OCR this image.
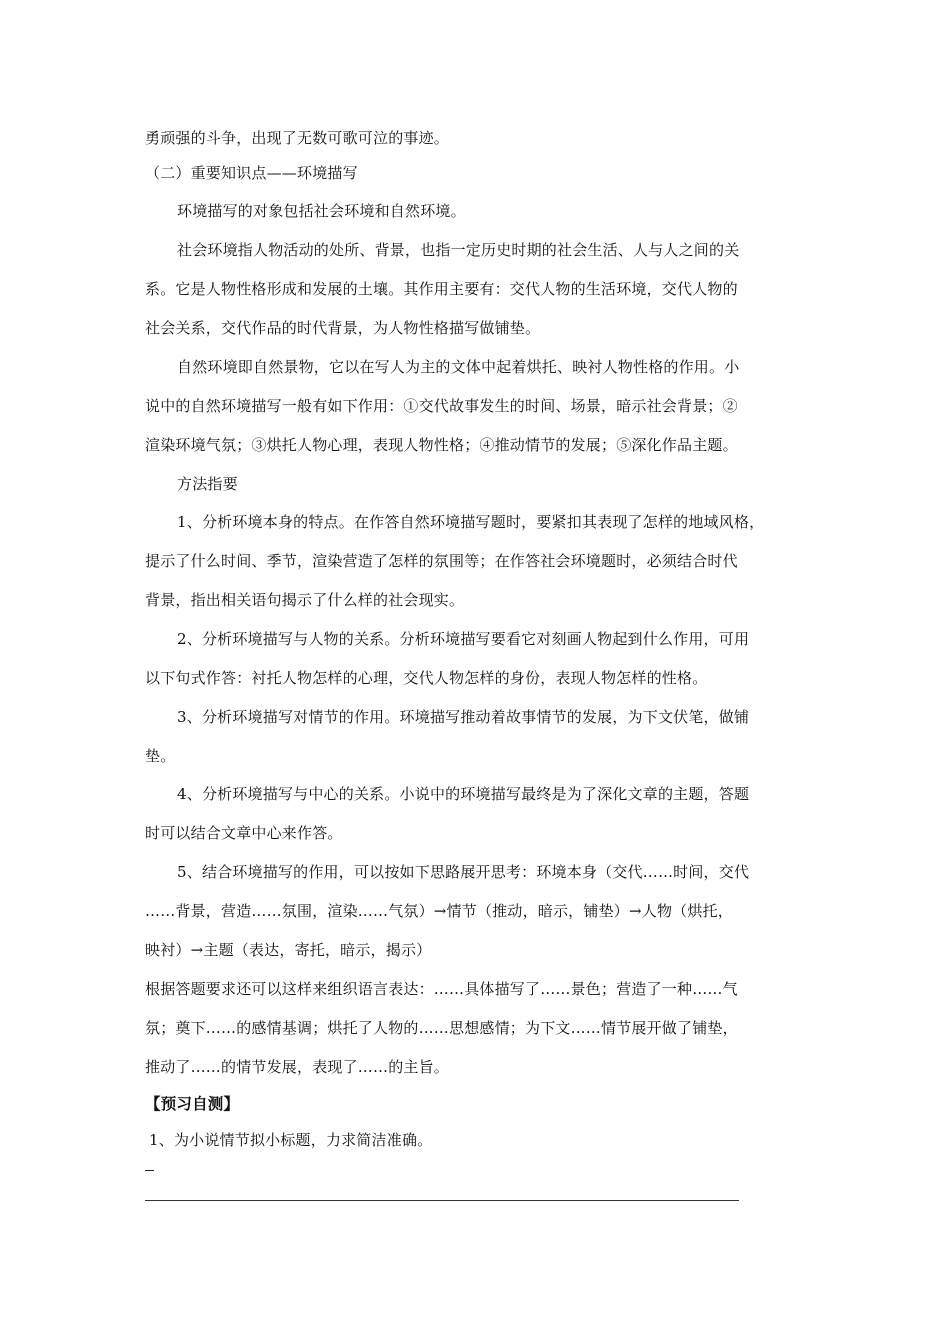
勇顽强的斗争，出现了无数可歌可泣的事迹。
（二）重要知识点——环境描写
环境描写的对象包括社会环境和自然环境。
社会环境指人物活动的处所、背景，也指一定历史时期的社会生活、人与人之间的关
系。它是人物性格形成和发展的土壤。其作用主要有：交代人物的生活环境，交代人物的
社会关系，交代作品的时代背景，为人物性格描写做铺垫。
自然环境即自然景物，它以在写人为主的文体中起着烘托、映衬人物性格的作用。小
说中的自然环境描写一般有如下作用：①交代故事发生的时间、场景，暗示社会背景；②
渲染环境气氛；③烘托人物心理，表现人物性格；④推动情节的发展；⑤深化作品主题。
方法指要
1、分析环境本身的特点。在作答自然环境描写题时，要紧扣其表现了怎样的地域风格，
提示了什么时间、季节，渲染营造了怎样的氛围等；在作答社会环境题时，必须结合时代
背景，指出相关语句揭示了什么样的社会现实。
2、分析环境描写与人物的关系。分析环境描写要看它对刻画人物起到什么作用，可用
以下句式作答：衬托人物怎样的心理，交代人物怎样的身份，表现人物怎样的性格。
3、分析环境描写对情节的作用。环境描写推动着故事情节的发展，为下文伏笔，做铺
垫。
4、分析环境描写与中心的关系。小说中的环境描写最终是为了深化文章的主题，答题
时可以结合文章中心来作答。
5、结合环境描写的作用，可以按如下思路展开思考：环境本身（交代……时间，交代
……背景，营造……氛围，渲染……气氛）→情节（推动，暗示，铺垫）→人物（烘托，
映衬）→主题（表达，寄托，暗示，揭示）
根据答题要求还可以这样来组织语言表达：……具体描写了……景色；营造了一种……气
氛；奠下……的感情基调；烘托了人物的……思想感情；为下文……情节展开做了铺垫，
推动了……的情节发展，表现了……的主旨。
【预习自测】
1、为小说情节拟小标题，力求简洁准确。
